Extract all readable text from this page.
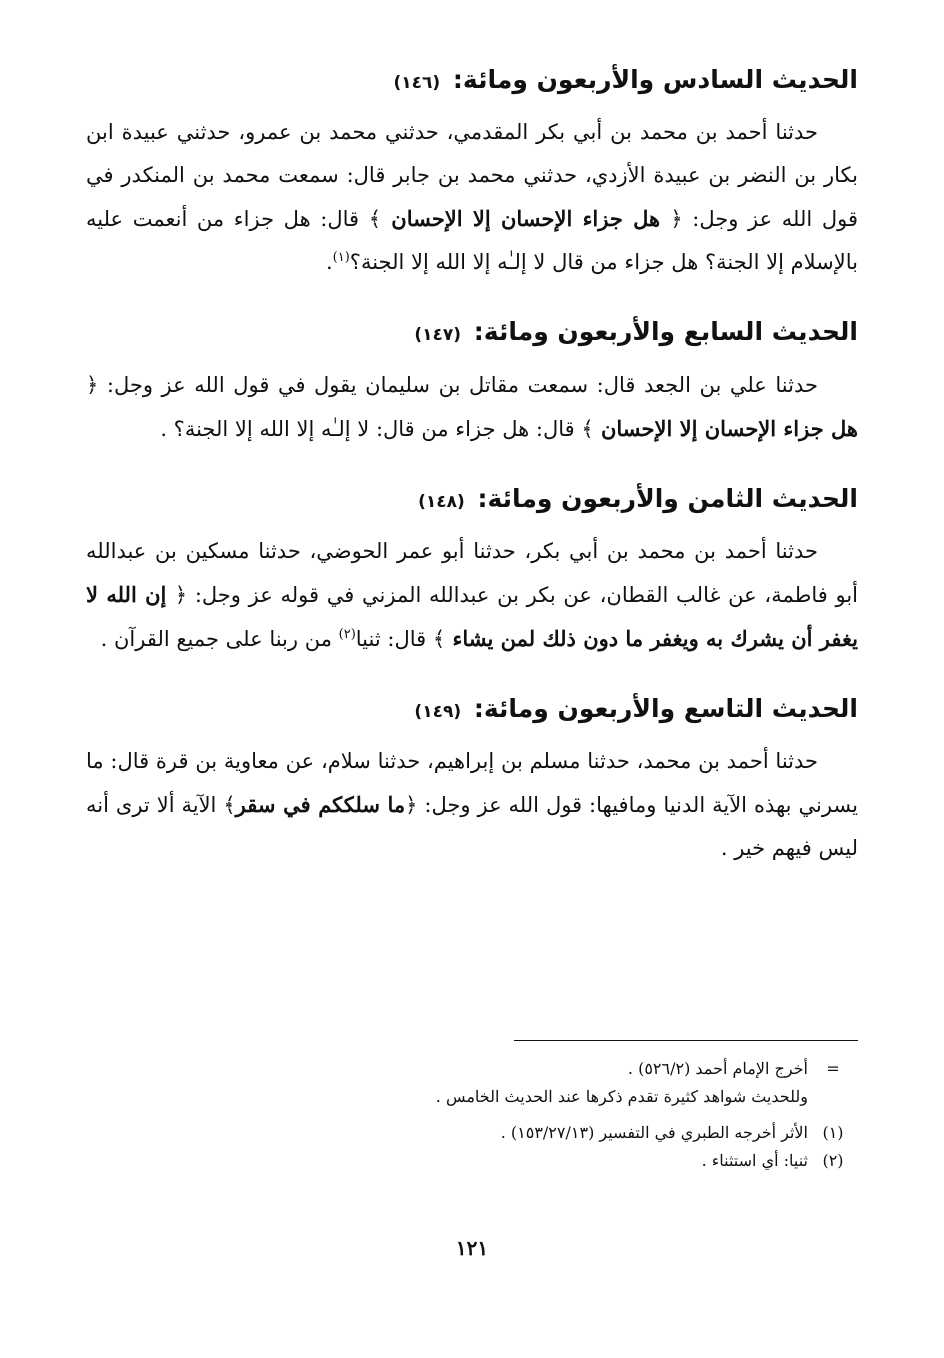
الحديث السادس والأربعون ومائة: (١٤٦)

حدثنا أحمد بن محمد بن أبي بكر المقدمي، حدثني محمد بن عمرو، حدثني عبيدة ابن بكار بن النضر بن عبيدة الأزدي، حدثني محمد بن جابر قال: سمعت محمد بن المنكدر في قول الله عز وجل: ﴿ هل جزاء الإحسان إلا الإحسان ﴾ قال: هل جزاء من أنعمت عليه بالإسلام إلا الجنة؟ هل جزاء من قال لا إلـٰه إلا الله إلا الجنة؟$^{(١)}$.

الحديث السابع والأربعون ومائة: (١٤٧)

حدثنا علي بن الجعد قال: سمعت مقاتل بن سليمان يقول في قول الله عز وجل: ﴿ هل جزاء الإحسان إلا الإحسان ﴾ قال: هل جزاء من قال: لا إلـٰه إلا الله إلا الجنة؟ .

الحديث الثامن والأربعون ومائة: (١٤٨)

حدثنا أحمد بن محمد بن أبي بكر، حدثنا أبو عمر الحوضي، حدثنا مسكين بن عبدالله أبو فاطمة، عن غالب القطان، عن بكر بن عبدالله المزني في قوله عز وجل: ﴿ إن الله لا يغفر أن يشرك به ويغفر ما دون ذلك لمن يشاء ﴾ قال: ثنيا$^{(٢)}$ من ربنا على جميع القرآن .

الحديث التاسع والأربعون ومائة: (١٤٩)

حدثنا أحمد بن محمد، حدثنا مسلم بن إبراهيم، حدثنا سلام، عن معاوية بن قرة قال: ما يسرني بهذه الآية الدنيا ومافيها: قول الله عز وجل: ﴿ما سلككم في سقر﴾ الآية ألا ترى أنه ليس فيهم خير .

=أخرج الإمام أحمد (٥٢٦/٢) .
وللحديث شواهد كثيرة تقدم ذكرها عند الحديث الخامس .
(١)الأثر أخرجه الطبري في التفسير (١٥٣/٢٧/١٣) .
(٢)ثنيا: أي استثناء .
١٢١
